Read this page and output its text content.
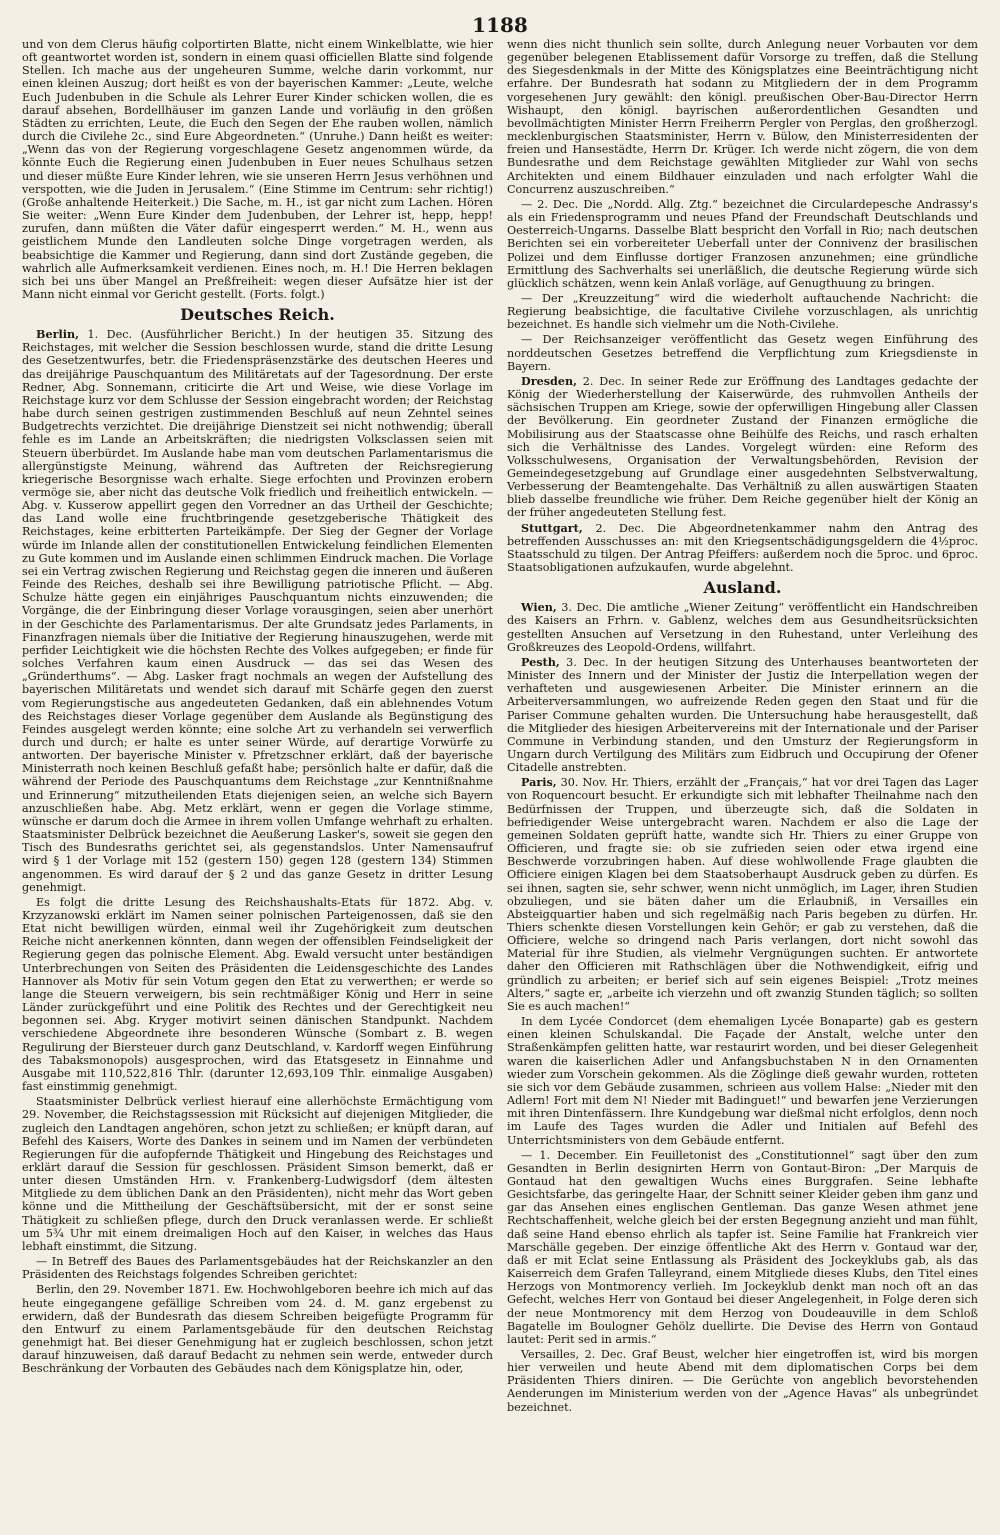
1188

und von dem Clerus häufig colportirten Blatte, nicht einem Winkelblatte, wie hier oft geantwortet worden ist, sondern in einem quasi officiellen Blatte sind folgende Stellen. Ich mache aus der ungeheuren Summe, welche darin vorkommt, nur einen kleinen Auszug; dort heißt es von der bayerischen Kammer: „Leute, welche Euch Judenbuben in die Schule als Lehrer Eurer Kinder schicken wollen, die es darauf absehen, Bordellhäuser im ganzen Lande und vorläufig in den größen Städten zu errichten, Leute, die Euch den Segen der Ehe rauben wollen, nämlich durch die Civilehe 2c., sind Eure Abgeordneten.“ (Unruhe.) Dann heißt es weiter: „Wenn das von der Regierung vorgeschlagene Gesetz angenommen würde, da könnte Euch die Regierung einen Judenbuben in Euer neues Schulhaus setzen und dieser müßte Eure Kinder lehren, wie sie unseren Herrn Jesus verhöhnen und verspotten, wie die Juden in Jerusalem.“ (Eine Stimme im Centrum: sehr richtig!) (Große anhaltende Heiterkeit.) Die Sache, m. H., ist gar nicht zum Lachen. Hören Sie weiter: „Wenn Eure Kinder dem Judenbuben, der Lehrer ist, hepp, hepp! zurufen, dann müßten die Väter dafür eingesperrt werden.“ M. H., wenn aus geistlichem Munde den Landleuten solche Dinge vorgetragen werden, als beabsichtige die Kammer und Regierung, dann sind dort Zustände gegeben, die wahrlich alle Aufmerksamkeit verdienen. Eines noch, m. H.! Die Herren beklagen sich bei uns über Mangel an Preßfreiheit: wegen dieser Aufsätze hier ist der Mann nicht einmal vor Gericht gestellt. (Forts. folgt.)

Deutsches Reich.

Berlin, 1. Dec. (Ausführlicher Bericht.) In der heutigen 35. Sitzung des Reichstages, mit welcher die Session beschlossen wurde, stand die dritte Lesung des Gesetzentwurfes, betr. die Friedenspräsenzstärke des deutschen Heeres und das dreijährige Pauschquantum des Militäretats auf der Tagesordnung. Der erste Redner, Abg. Sonnemann, criticirte die Art und Weise, wie diese Vorlage im Reichstage kurz vor dem Schlusse der Session eingebracht worden; der Reichstag habe durch seinen gestrigen zustimmenden Beschluß auf neun Zehntel seines Budgetrechts verzichtet. Die dreijährige Dienstzeit sei nicht nothwendig; überall fehle es im Lande an Arbeitskräften; die niedrigsten Volksclassen seien mit Steuern überbürdet. Im Auslande habe man vom deutschen Parlamentarismus die allergünstigste Meinung, während das Auftreten der Reichsregierung kriegerische Besorgnisse wach erhalte. Siege erfochten und Provinzen erobern vermöge sie, aber nicht das deutsche Volk friedlich und freiheitlich entwickeln. — Abg. v. Kusserow appellirt gegen den Vorredner an das Urtheil der Geschichte; das Land wolle eine fruchtbringende gesetzgeberische Thätigkeit des Reichstages, keine erbitterten Parteikämpfe. Der Sieg der Gegner der Vorlage würde im Inlande allen der constitutionellen Entwickelung feindlichen Elementen zu Gute kommen und im Auslande einen schlimmen Eindruck machen. Die Vorlage sei ein Vertrag zwischen Regierung und Reichstag gegen die inneren und äußeren Feinde des Reiches, deshalb sei ihre Bewilligung patriotische Pflicht. — Abg. Schulze hätte gegen ein einjähriges Pauschquantum nichts einzuwenden; die Vorgänge, die der Einbringung dieser Vorlage vorausgingen, seien aber unerhört in der Geschichte des Parlamentarismus. Der alte Grundsatz jedes Parlaments, in Finanzfragen niemals über die Initiative der Regierung hinauszugehen, werde mit perfider Leichtigkeit wie die höchsten Rechte des Volkes aufgegeben; er finde für solches Verfahren kaum einen Ausdruck — das sei das Wesen des „Gründerthums“. — Abg. Lasker fragt nochmals an wegen der Aufstellung des bayerischen Militäretats und wendet sich darauf mit Schärfe gegen den zuerst vom Regierungstische aus angedeuteten Gedanken, daß ein ablehnendes Votum des Reichstages dieser Vorlage gegenüber dem Auslande als Begünstigung des Feindes ausgelegt werden könnte; eine solche Art zu verhandeln sei verwerflich durch und durch; er halte es unter seiner Würde, auf derartige Vorwürfe zu antworten. Der bayerische Minister v. Pfretzschner erklärt, daß der bayerische Ministerrath noch keinen Beschluß gefaßt habe; persönlich halte er dafür, daß die während der Periode des Pauschquantums dem Reichstage „zur Kenntnißnahme und Erinnerung“ mitzutheilenden Etats diejenigen seien, an welche sich Bayern anzuschließen habe. Abg. Metz erklärt, wenn er gegen die Vorlage stimme, wünsche er darum doch die Armee in ihrem vollen Umfange wehrhaft zu erhalten. Staatsminister Delbrück bezeichnet die Aeußerung Lasker's, soweit sie gegen den Tisch des Bundesraths gerichtet sei, als gegenstandslos. Unter Namensaufruf wird § 1 der Vorlage mit 152 (gestern 150) gegen 128 (gestern 134) Stimmen angenommen. Es wird darauf der § 2 und das ganze Gesetz in dritter Lesung genehmigt.

Es folgt die dritte Lesung des Reichshaushalts-Etats für 1872. Abg. v. Krzyzanowski erklärt im Namen seiner polnischen Parteigenossen, daß sie den Etat nicht bewilligen würden, einmal weil ihr Zugehörigkeit zum deutschen Reiche nicht anerkennen könnten, dann wegen der offensiblen Feindseligkeit der Regierung gegen das polnische Element. Abg. Ewald versucht unter beständigen Unterbrechungen von Seiten des Präsidenten die Leidensgeschichte des Landes Hannover als Motiv für sein Votum gegen den Etat zu verwerthen; er werde so lange die Steuern verweigern, bis sein rechtmäßiger König und Herr in seine Länder zurückgeführt und eine Politik des Rechtes und der Gerechtigkeit neu begonnen sei. Abg. Kryger motivirt seinen dänischen Standpunkt. Nachdem verschiedene Abgeordnete ihre besonderen Wünsche (Sombart z. B. wegen Regulirung der Biersteuer durch ganz Deutschland, v. Kardorff wegen Einführung des Tabaksmonopols) ausgesprochen, wird das Etatsgesetz in Einnahme und Ausgabe mit 110,522,816 Thlr. (darunter 12,693,109 Thlr. einmalige Ausgaben) fast einstimmig genehmigt.

Staatsminister Delbrück verliest hierauf eine allerhöchste Ermächtigung vom 29. November, die Reichstagssession mit Rücksicht auf diejenigen Mitglieder, die zugleich den Landtagen angehören, schon jetzt zu schließen; er knüpft daran, auf Befehl des Kaisers, Worte des Dankes in seinem und im Namen der verbündeten Regierungen für die aufopfernde Thätigkeit und Hingebung des Reichstages und erklärt darauf die Session für geschlossen. Präsident Simson bemerkt, daß er unter diesen Umständen Hrn. v. Frankenberg-Ludwigsdorf (dem ältesten Mitgliede zu dem üblichen Dank an den Präsidenten), nicht mehr das Wort geben könne und die Mittheilung der Geschäftsübersicht, mit der er sonst seine Thätigkeit zu schließen pflege, durch den Druck veranlassen werde. Er schließt um 5¾ Uhr mit einem dreimaligen Hoch auf den Kaiser, in welches das Haus lebhaft einstimmt, die Sitzung.

— In Betreff des Baues des Parlamentsgebäudes hat der Reichskanzler an den Präsidenten des Reichstags folgendes Schreiben gerichtet:

Berlin, den 29. November 1871. Ew. Hochwohlgeboren beehre ich mich auf das heute eingegangene gefällige Schreiben vom 24. d. M. ganz ergebenst zu erwidern, daß der Bundesrath das diesem Schreiben beigefügte Programm für den Entwurf zu einem Parlamentsgebäude für den deutschen Reichstag genehmigt hat. Bei dieser Genehmigung hat er zugleich beschlossen, schon jetzt darauf hinzuweisen, daß darauf Bedacht zu nehmen sein werde, entweder durch Beschränkung der Vorbauten des Gebäudes nach dem Königsplatze hin, oder,

wenn dies nicht thunlich sein sollte, durch Anlegung neuer Vorbauten vor dem gegenüber belegenen Etablissement dafür Vorsorge zu treffen, daß die Stellung des Siegesdenkmals in der Mitte des Königsplatzes eine Beeinträchtigung nicht erfahre. Der Bundesrath hat sodann zu Mitgliedern der in dem Programm vorgesehenen Jury gewählt: den königl. preußischen Ober-Bau-Director Herrn Wishaupt, den königl. bayrischen außerordentlichen Gesandten und bevollmächtigten Minister Herrn Freiherrn Pergler von Perglas, den großherzogl. mecklenburgischen Staatsminister, Herrn v. Bülow, den Ministerresidenten der freien und Hansestädte, Herrn Dr. Krüger. Ich werde nicht zögern, die von dem Bundesrathe und dem Reichstage gewählten Mitglieder zur Wahl von sechs Architekten und einem Bildhauer einzuladen und nach erfolgter Wahl die Concurrenz auszuschreiben.“

— 2. Dec. Die „Nordd. Allg. Ztg.“ bezeichnet die Circulardepesche Andrassy's als ein Friedensprogramm und neues Pfand der Freundschaft Deutschlands und Oesterreich-Ungarns. Dasselbe Blatt bespricht den Vorfall in Rio; nach deutschen Berichten sei ein vorbereiteter Ueberfall unter der Connivenz der brasilischen Polizei und dem Einflusse dortiger Franzosen anzunehmen; eine gründliche Ermittlung des Sachverhalts sei unerläßlich, die deutsche Regierung würde sich glücklich schätzen, wenn kein Anlaß vorläge, auf Genugthuung zu bringen.

— Der „Kreuzzeitung“ wird die wiederholt auftauchende Nachricht: die Regierung beabsichtige, die facultative Civilehe vorzuschlagen, als unrichtig bezeichnet. Es handle sich vielmehr um die Noth-Civilehe.

— Der Reichsanzeiger veröffentlicht das Gesetz wegen Einführung des norddeutschen Gesetzes betreffend die Verpflichtung zum Kriegsdienste in Bayern.

Dresden, 2. Dec. In seiner Rede zur Eröffnung des Landtages gedachte der König der Wiederherstellung der Kaiserwürde, des ruhmvollen Antheils der sächsischen Truppen am Kriege, sowie der opferwilligen Hingebung aller Classen der Bevölkerung. Ein geordneter Zustand der Finanzen ermögliche die Mobilisirung aus der Staatscasse ohne Beihülfe des Reichs, und rasch erhalten sich die Verhältnisse des Landes. Vorgelegt würden: eine Reform des Volksschulwesens, Organisation der Verwaltungsbehörden, Revision der Gemeindegesetzgebung auf Grundlage einer ausgedehnten Selbstverwaltung, Verbesserung der Beamtengehalte. Das Verhältniß zu allen auswärtigen Staaten blieb dasselbe freundliche wie früher. Dem Reiche gegenüber hielt der König an der früher angedeuteten Stellung fest.

Stuttgart, 2. Dec. Die Abgeordnetenkammer nahm den Antrag des betreffenden Ausschusses an: mit den Kriegsentschädigungsgeldern die 4½proc. Staatsschuld zu tilgen. Der Antrag Pfeiffers: außerdem noch die 5proc. und 6proc. Staatsobligationen aufzukaufen, wurde abgelehnt.

Ausland.

Wien, 3. Dec. Die amtliche „Wiener Zeitung“ veröffentlicht ein Handschreiben des Kaisers an Frhrn. v. Gablenz, welches dem aus Gesundheitsrücksichten gestellten Ansuchen auf Versetzung in den Ruhestand, unter Verleihung des Großkreuzes des Leopold-Ordens, willfahrt.

Pesth, 3. Dec. In der heutigen Sitzung des Unterhauses beantworteten der Minister des Innern und der Minister der Justiz die Interpellation wegen der verhafteten und ausgewiesenen Arbeiter. Die Minister erinnern an die Arbeiterversammlungen, wo aufreizende Reden gegen den Staat und für die Pariser Commune gehalten wurden. Die Untersuchung habe herausgestellt, daß die Mitglieder des hiesigen Arbeitervereins mit der Internationale und der Pariser Commune in Verbindung standen, und den Umsturz der Regierungsform in Ungarn durch Vertilgung des Militärs zum Eidbruch und Occupirung der Ofener Citadelle anstrebten.

Paris, 30. Nov. Hr. Thiers, erzählt der „Français,“ hat vor drei Tagen das Lager von Roquencourt besucht. Er erkundigte sich mit lebhafter Theilnahme nach den Bedürfnissen der Truppen, und überzeugte sich, daß die Soldaten in befriedigender Weise untergebracht waren. Nachdem er also die Lage der gemeinen Soldaten geprüft hatte, wandte sich Hr. Thiers zu einer Gruppe von Officieren, und fragte sie: ob sie zufrieden seien oder etwa irgend eine Beschwerde vorzubringen haben. Auf diese wohlwollende Frage glaubten die Officiere einigen Klagen bei dem Staatsoberhaupt Ausdruck geben zu dürfen. Es sei ihnen, sagten sie, sehr schwer, wenn nicht unmöglich, im Lager, ihren Studien obzuliegen, und sie bäten daher um die Erlaubniß, in Versailles ein Absteigquartier haben und sich regelmäßig nach Paris begeben zu dürfen. Hr. Thiers schenkte diesen Vorstellungen kein Gehör; er gab zu verstehen, daß die Officiere, welche so dringend nach Paris verlangen, dort nicht sowohl das Material für ihre Studien, als vielmehr Vergnügungen suchten. Er antwortete daher den Officieren mit Rathschlägen über die Nothwendigkeit, eifrig und gründlich zu arbeiten; er berief sich auf sein eigenes Beispiel: „Trotz meines Alters,“ sagte er, „arbeite ich vierzehn und oft zwanzig Stunden täglich; so sollten Sie es auch machen!“

In dem Lycée Condorcet (dem ehemaligen Lycée Bonaparte) gab es gestern einen kleinen Schulskandal. Die Façade der Anstalt, welche unter den Straßenkämpfen gelitten hatte, war restaurirt worden, und bei dieser Gelegenheit waren die kaiserlichen Adler und Anfangsbuchstaben N in den Ornamenten wieder zum Vorschein gekommen. Als die Zöglinge dieß gewahr wurden, rotteten sie sich vor dem Gebäude zusammen, schrieen aus vollem Halse: „Nieder mit den Adlern! Fort mit dem N! Nieder mit Badinguet!“ und bewarfen jene Verzierungen mit ihren Dintenfässern. Ihre Kundgebung war dießmal nicht erfolglos, denn noch im Laufe des Tages wurden die Adler und Initialen auf Befehl des Unterrichtsministers von dem Gebäude entfernt.

— 1. December. Ein Feuilletonist des „Constitutionnel“ sagt über den zum Gesandten in Berlin designirten Herrn von Gontaut-Biron: „Der Marquis de Gontaud hat den gewaltigen Wuchs eines Burggrafen. Seine lebhafte Gesichtsfarbe, das geringelte Haar, der Schnitt seiner Kleider geben ihm ganz und gar das Ansehen eines englischen Gentleman. Das ganze Wesen athmet jene Rechtschaffenheit, welche gleich bei der ersten Begegnung anzieht und man fühlt, daß seine Hand ebenso ehrlich als tapfer ist. Seine Familie hat Frankreich vier Marschälle gegeben. Der einzige öffentliche Akt des Herrn v. Gontaud war der, daß er mit Eclat seine Entlassung als Präsident des Jockeyklubs gab, als das Kaiserreich dem Grafen Talleyrand, einem Mitgliede dieses Klubs, den Titel eines Herzogs von Montmorency verlieh. Im Jockeyklub denkt man noch oft an das Gefecht, welches Herr von Gontaud bei dieser Angelegenheit, in Folge deren sich der neue Montmorency mit dem Herzog von Doudeauville in dem Schloß Bagatelle im Boulogner Gehölz duellirte. Die Devise des Herrn von Gontaud lautet: Perit sed in armis.“

Versailles, 2. Dec. Graf Beust, welcher hier eingetroffen ist, wird bis morgen hier verweilen und heute Abend mit dem diplomatischen Corps bei dem Präsidenten Thiers diniren. — Die Gerüchte von angeblich bevorstehenden Aenderungen im Ministerium werden von der „Agence Havas“ als unbegründet bezeichnet.
